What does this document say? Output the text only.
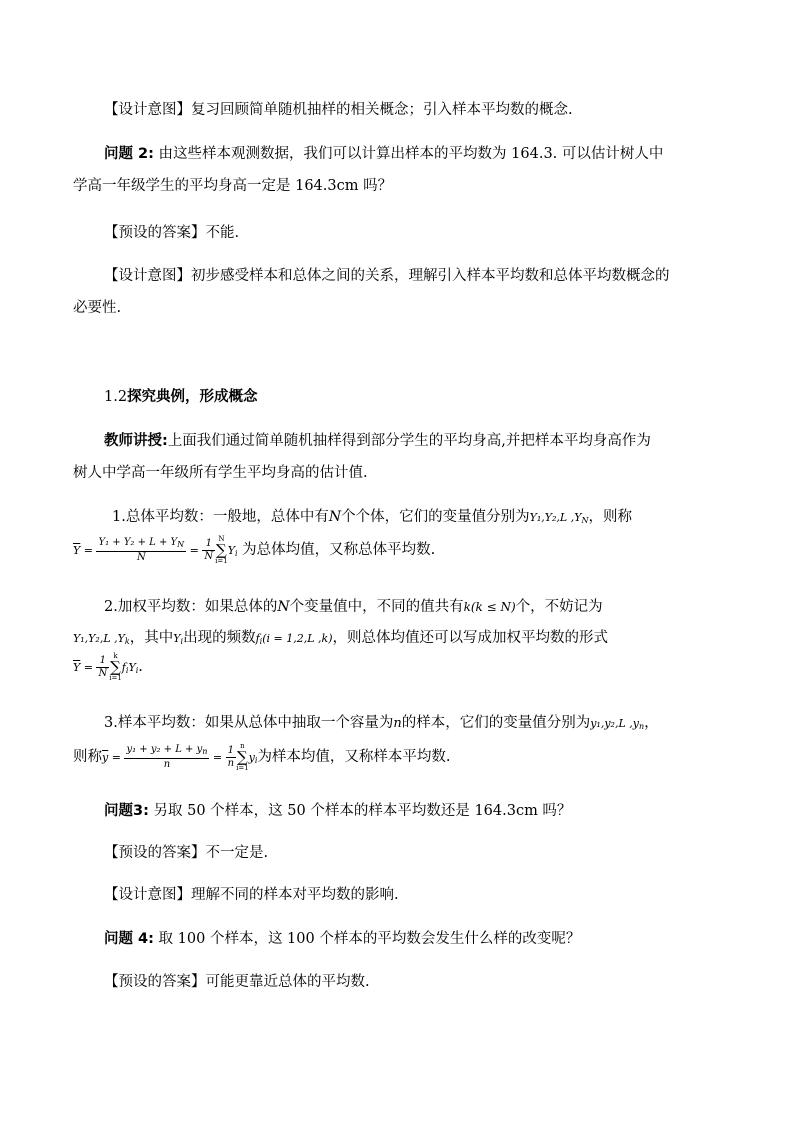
【设计意图】复习回顾简单随机抽样的相关概念；引入样本平均数的概念.
问题 2: 由这些样本观测数据，我们可以计算出样本的平均数为 164.3. 可以估计树人中
学高一年级学生的平均身高一定是 164.3cm 吗？
【预设的答案】不能.
【设计意图】初步感受样本和总体之间的关系，理解引入样本平均数和总体平均数概念的
必要性.
1.2探究典例，形成概念
教师讲授:上面我们通过简单随机抽样得到部分学生的平均身高,并把样本平均身高作为
树人中学高一年级所有学生平均身高的估计值.
1.总体平均数：一般地，总体中有N个个体，它们的变量值分别为Y₁,Y₂,L $,Y_N$，则称
$\overline{Y} = \frac{Y_1 + Y_2 + L + Y_N}{N} = \frac{1}{N}$ N
∑
$i=1Y_i$ 为总体均值，又称总体平均数.
2.加权平均数：如果总体的N个变量值中，不同的值共有k(k ≤ N)个，不妨记为
Y₁,Y₂,L $,Y_k$，其中$Y_i$出现的频数$f_i(i = 1,2,L$ ,k)，则总体均值还可以写成加权平均数的形式
$\overline{Y} = \frac{1}{N}$ k
∑
$i=1f_iY_i$.
3.样本平均数：如果从总体中抽取一个容量为n的样本，它们的变量值分别为y₁,y₂,L $,y_n$，
则称$\overline{y} = \frac{y_1 + y_2 + L + y_n}{n} = \frac{1}{n}$ n
∑
$i=1y_i$为样本均值，又称样本平均数.
问题3: 另取 50 个样本，这 50 个样本的样本平均数还是 164.3cm 吗？
【预设的答案】不一定是.
【设计意图】理解不同的样本对平均数的影响.
问题 4: 取 100 个样本，这 100 个样本的平均数会发生什么样的改变呢？
【预设的答案】可能更靠近总体的平均数.
